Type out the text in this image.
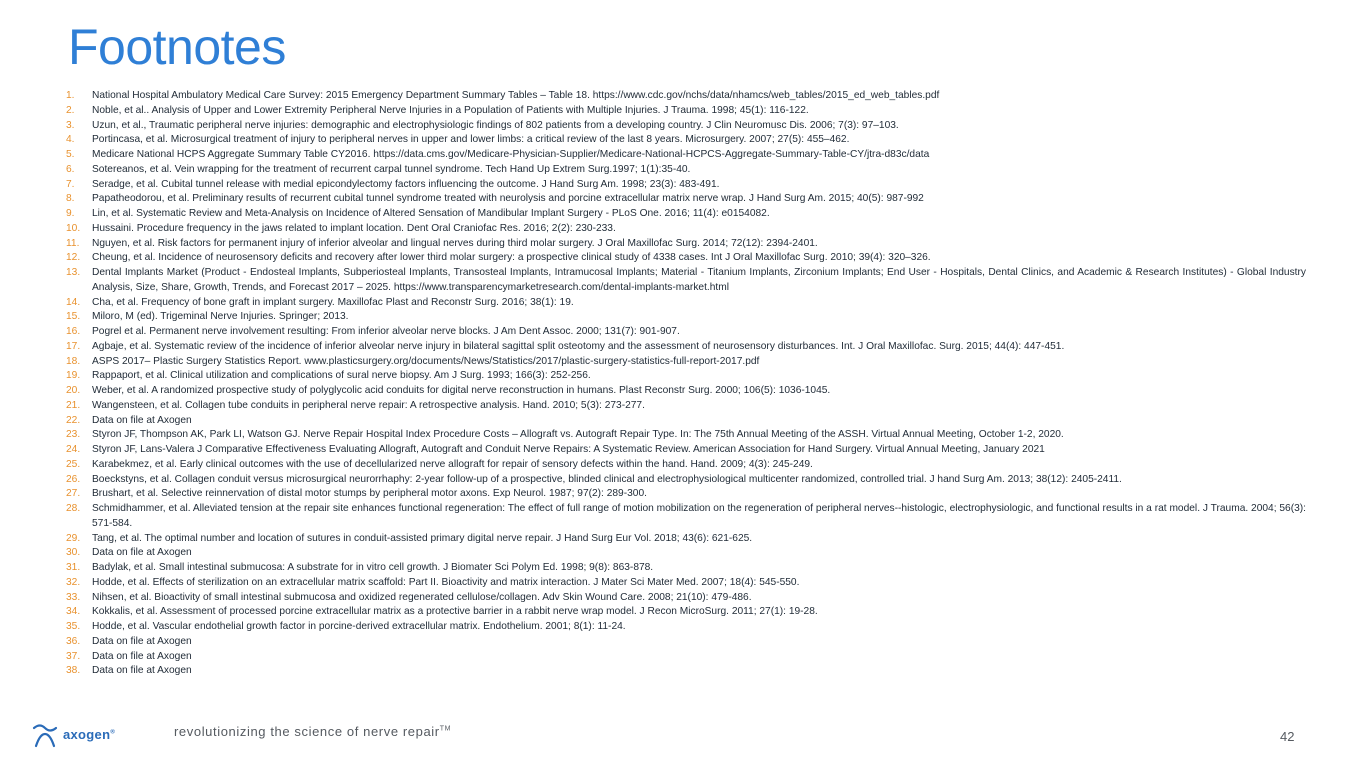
Footnotes
1.	National Hospital Ambulatory Medical Care Survey: 2015 Emergency Department Summary Tables – Table 18. https://www.cdc.gov/nchs/data/nhamcs/web_tables/2015_ed_web_tables.pdf
2.	Noble, et al.. Analysis of Upper and Lower Extremity Peripheral Nerve Injuries in a Population of Patients with Multiple Injuries. J Trauma. 1998; 45(1): 116-122.
3.	Uzun, et al., Traumatic peripheral nerve injuries: demographic and electrophysiologic findings of 802 patients from a developing country. J Clin Neuromusc Dis. 2006; 7(3): 97–103.
4.	Portincasa, et al. Microsurgical treatment of injury to peripheral nerves in upper and lower limbs: a critical review of the last 8 years. Microsurgery. 2007; 27(5): 455–462.
5.	Medicare National HCPS Aggregate Summary Table CY2016. https://data.cms.gov/Medicare-Physician-Supplier/Medicare-National-HCPCS-Aggregate-Summary-Table-CY/jtra-d83c/data
6.	Sotereanos, et al. Vein wrapping for the treatment of recurrent carpal tunnel syndrome. Tech Hand Up Extrem Surg.1997; 1(1):35-40.
7.	Seradge, et al. Cubital tunnel release with medial epicondylectomy factors influencing the outcome. J Hand Surg Am. 1998; 23(3): 483-491.
8.	Papatheodorou, et al. Preliminary results of recurrent cubital tunnel syndrome treated with neurolysis and porcine extracellular matrix nerve wrap. J Hand Surg Am. 2015; 40(5): 987-992
9.	Lin, et al. Systematic Review and Meta-Analysis on Incidence of Altered Sensation of Mandibular Implant Surgery - PLoS One. 2016; 11(4): e0154082.
10.	Hussaini. Procedure frequency in the jaws related to implant location. Dent Oral Craniofac Res. 2016; 2(2): 230-233.
11.	Nguyen, et al. Risk factors for permanent injury of inferior alveolar and lingual nerves during third molar surgery. J Oral Maxillofac Surg. 2014; 72(12): 2394-2401.
12.	Cheung, et al. Incidence of neurosensory deficits and recovery after lower third molar surgery: a prospective clinical study of 4338 cases. Int J Oral Maxillofac Surg. 2010; 39(4): 320–326.
13.	Dental Implants Market (Product - Endosteal Implants, Subperiosteal Implants, Transosteal Implants, Intramucosal Implants; Material - Titanium Implants, Zirconium Implants; End User - Hospitals, Dental Clinics, and Academic & Research Institutes) - Global Industry Analysis, Size, Share, Growth, Trends, and Forecast 2017 – 2025. https://www.transparencymarketresearch.com/dental-implants-market.html
14.	Cha, et al. Frequency of bone graft in implant surgery. Maxillofac Plast and Reconstr Surg. 2016; 38(1): 19.
15.	Miloro, M (ed). Trigeminal Nerve Injuries. Springer; 2013.
16.	Pogrel et al. Permanent nerve involvement resulting: From inferior alveolar nerve blocks. J Am Dent Assoc. 2000; 131(7): 901-907.
17.	Agbaje, et al. Systematic review of the incidence of inferior alveolar nerve injury in bilateral sagittal split osteotomy and the assessment of neurosensory disturbances. Int. J Oral Maxillofac. Surg. 2015; 44(4): 447-451.
18.	ASPS 2017– Plastic Surgery Statistics Report. www.plasticsurgery.org/documents/News/Statistics/2017/plastic-surgery-statistics-full-report-2017.pdf
19.	Rappaport, et al. Clinical utilization and complications of sural nerve biopsy. Am J Surg. 1993; 166(3): 252-256.
20.	Weber, et al. A randomized prospective study of polyglycolic acid conduits for digital nerve reconstruction in humans. Plast Reconstr Surg. 2000; 106(5): 1036-1045.
21.	Wangensteen, et al. Collagen tube conduits in peripheral nerve repair: A retrospective analysis. Hand. 2010; 5(3): 273-277.
22.	Data on file at Axogen
23.	Styron JF, Thompson AK, Park LI, Watson GJ. Nerve Repair Hospital Index Procedure Costs – Allograft vs. Autograft Repair Type. In: The 75th Annual Meeting of the ASSH. Virtual Annual Meeting, October 1-2, 2020.
24.	Styron JF, Lans-Valera J Comparative Effectiveness Evaluating Allograft, Autograft and Conduit Nerve Repairs: A Systematic Review. American Association for Hand Surgery. Virtual Annual Meeting, January 2021
25.	Karabekmez, et al. Early clinical outcomes with the use of decellularized nerve allograft for repair of sensory defects within the hand. Hand. 2009; 4(3): 245-249.
26.	Boeckstyns, et al. Collagen conduit versus microsurgical neurorrhaphy: 2-year follow-up of a prospective, blinded clinical and electrophysiological multicenter randomized, controlled trial. J hand Surg Am. 2013; 38(12): 2405-2411.
27.	Brushart, et al. Selective reinnervation of distal motor stumps by peripheral motor axons. Exp Neurol. 1987; 97(2): 289-300.
28.	Schmidhammer, et al. Alleviated tension at the repair site enhances functional regeneration: The effect of full range of motion mobilization on the regeneration of peripheral nerves--histologic, electrophysiologic, and functional results in a rat model. J Trauma. 2004; 56(3): 571-584.
29.	Tang, et al. The optimal number and location of sutures in conduit-assisted primary digital nerve repair. J Hand Surg Eur Vol. 2018; 43(6): 621-625.
30.	Data on file at Axogen
31.	Badylak, et al. Small intestinal submucosa: A substrate for in vitro cell growth. J Biomater Sci Polym Ed. 1998; 9(8): 863-878.
32.	Hodde, et al. Effects of sterilization on an extracellular matrix scaffold: Part II. Bioactivity and matrix interaction. J Mater Sci Mater Med. 2007; 18(4): 545-550.
33.	Nihsen, et al. Bioactivity of small intestinal submucosa and oxidized regenerated cellulose/collagen. Adv Skin Wound Care. 2008; 21(10): 479-486.
34.	Kokkalis, et al. Assessment of processed porcine extracellular matrix as a protective barrier in a rabbit nerve wrap model. J Recon MicroSurg. 2011; 27(1): 19-28.
35.	Hodde, et al. Vascular endothelial growth factor in porcine-derived extracellular matrix. Endothelium. 2001; 8(1): 11-24.
36.	Data on file at Axogen
37.	Data on file at Axogen
38.	Data on file at Axogen
axogen®	revolutionizing the science of nerve repair™	42
